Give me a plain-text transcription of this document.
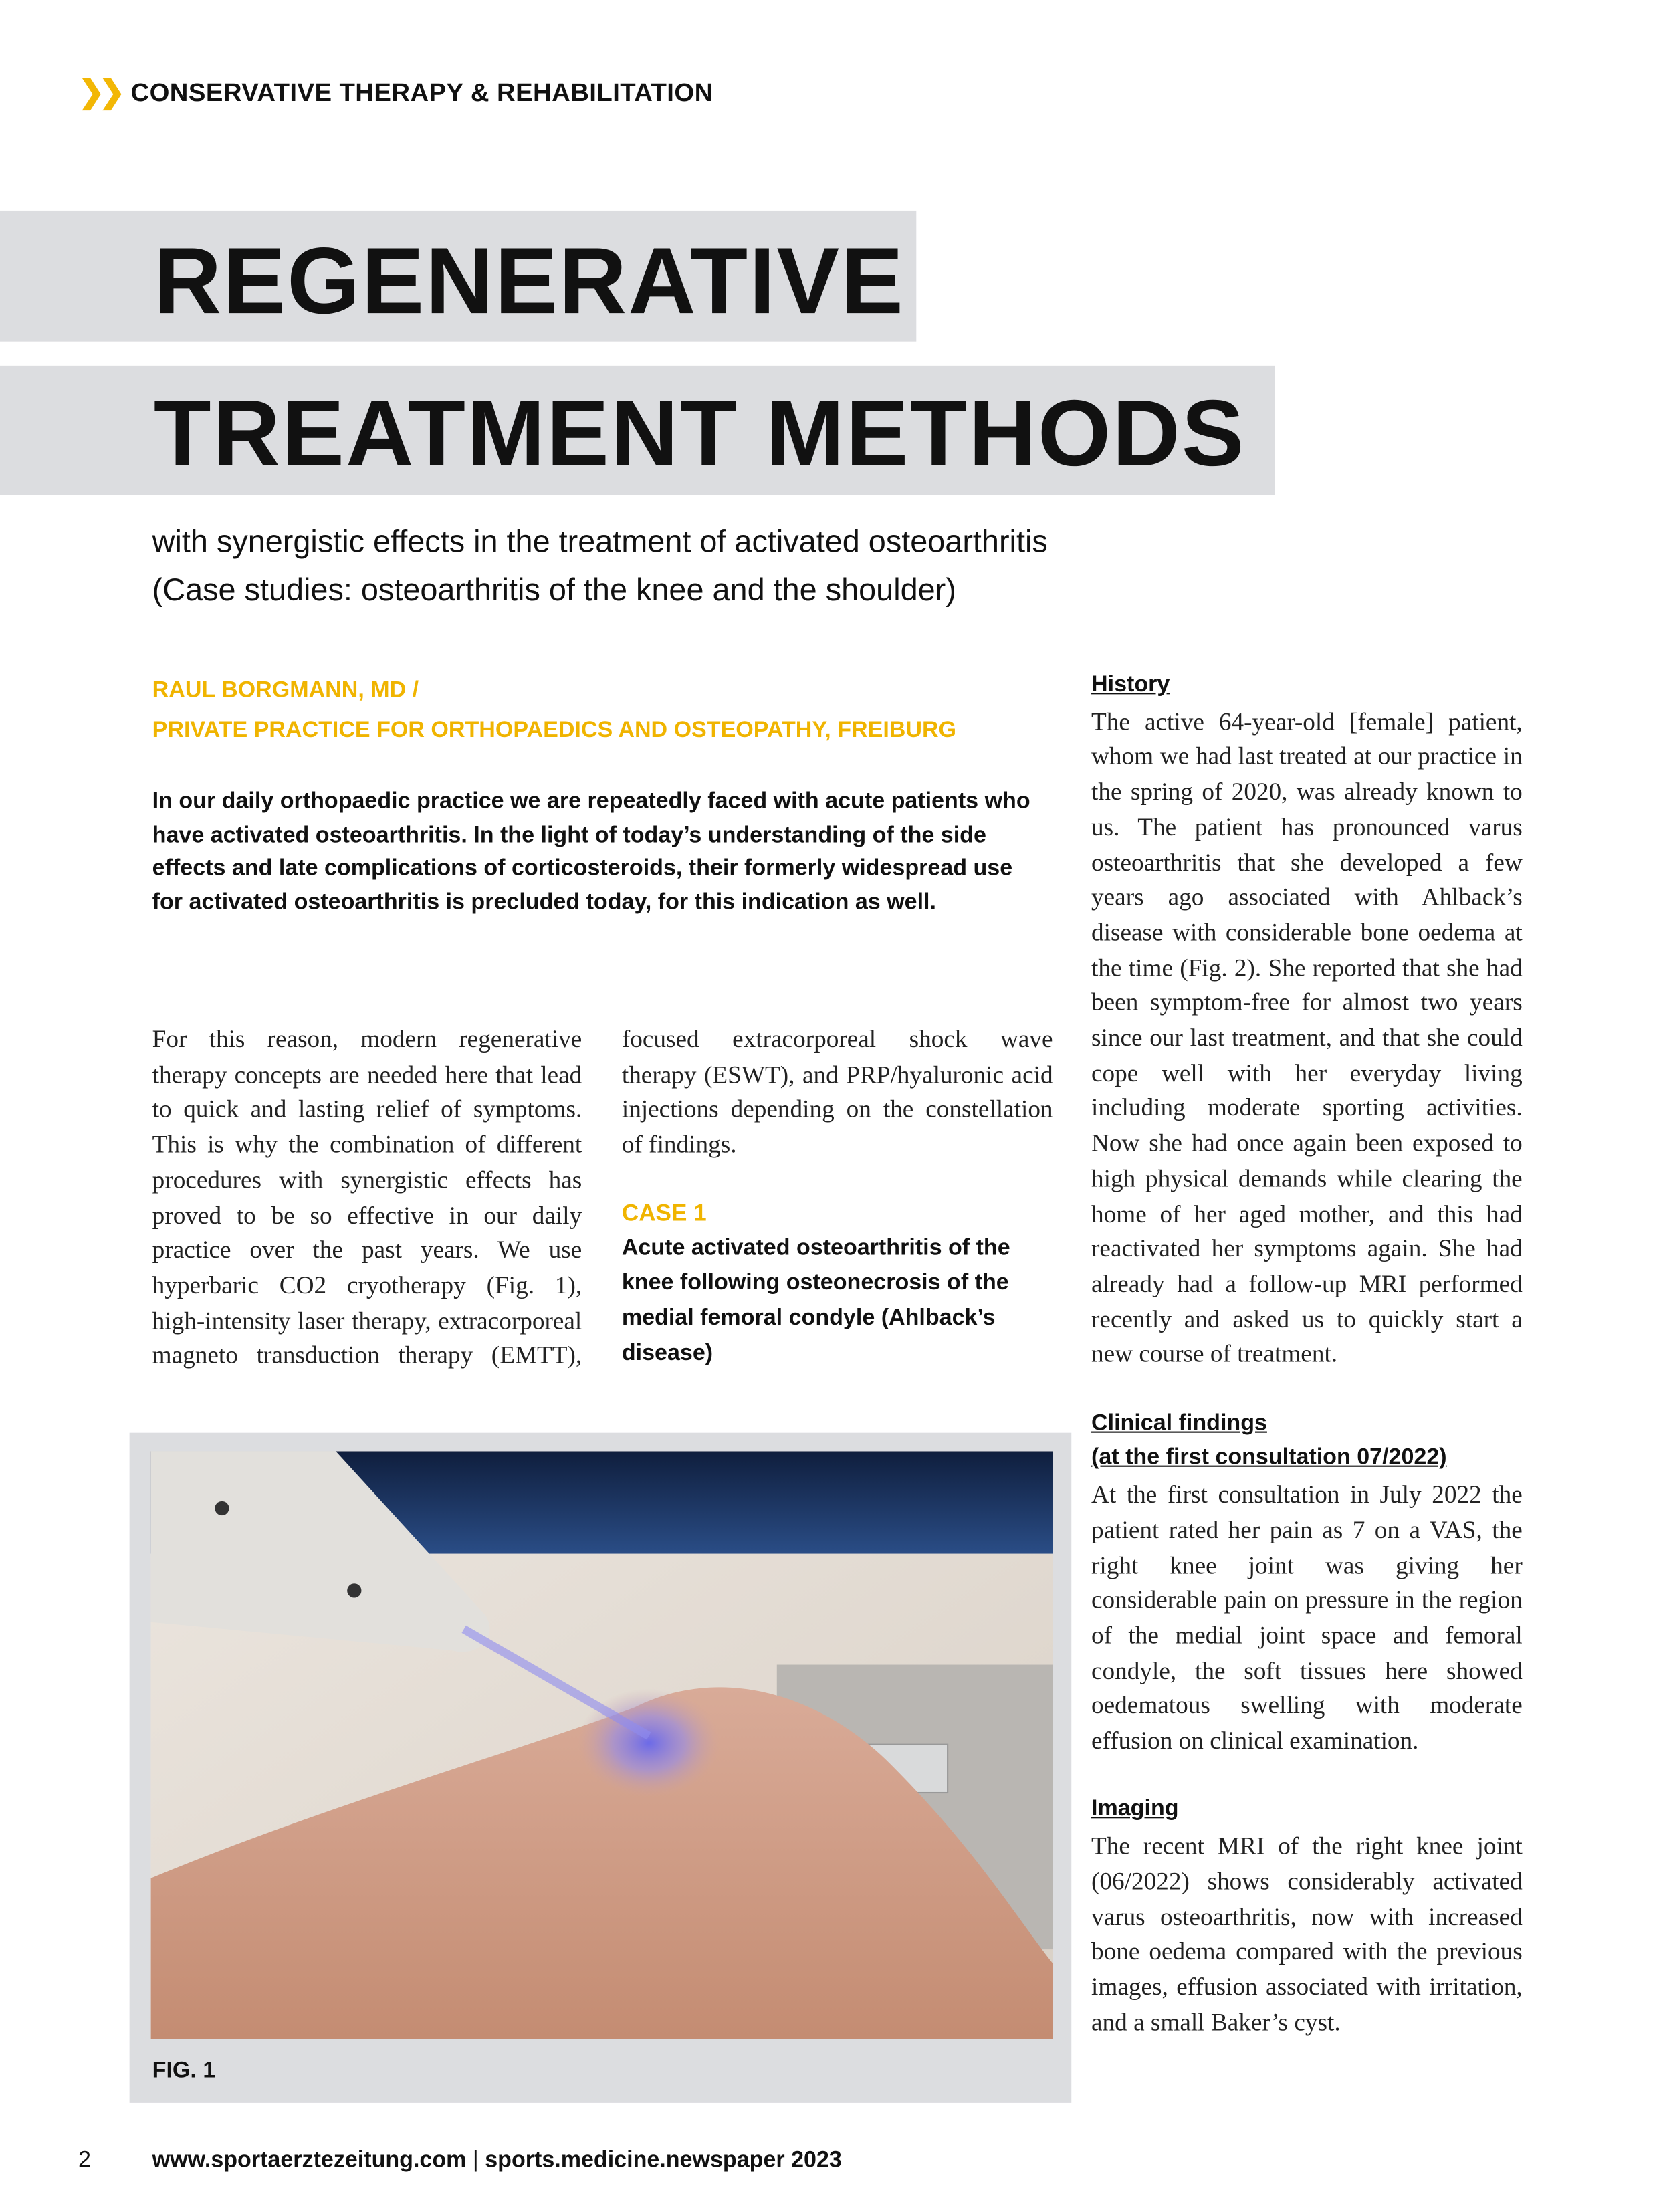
❯❯ CONSERVATIVE THERAPY & REHABILITATION
REGENERATIVE
TREATMENT METHODS
with synergistic effects in the treatment of activated osteoarthritis
(Case studies: osteoarthritis of the knee and the shoulder)
RAUL BORGMANN, MD /
PRIVATE PRACTICE FOR ORTHOPAEDICS AND OSTEOPATHY, FREIBURG
In our daily orthopaedic practice we are repeatedly faced with acute patients who have activated osteoarthritis. In the light of today’s understanding of the side effects and late complications of corticosteroids, their formerly widespread use for activated osteoarthritis is precluded today, for this indication as well.
For this reason, modern regenerative therapy concepts are needed here that lead to quick and lasting relief of symptoms. This is why the combination of different procedures with synergistic effects has proved to be so effective in our daily practice over the past years. We use hyperbaric CO2 cryotherapy (Fig. 1), high-intensity laser therapy, extracorporeal magneto transduction therapy (EMTT),
focused extracorporeal shock wave therapy (ESWT), and PRP/hyaluronic acid injections depending on the constellation of findings.
CASE 1
Acute activated osteoarthritis of the knee following osteonecrosis of the medial femoral condyle (Ahlback’s disease)
History
The active 64-year-old [female] patient, whom we had last treated at our practice in the spring of 2020, was already known to us. The patient has pronounced varus osteoarthritis that she developed a few years ago associated with Ahlback’s disease with considerable bone oedema at the time (Fig. 2). She reported that she had been symptom-free for almost two years since our last treatment, and that she could cope well with her everyday living including moderate sporting activities. Now she had once again been exposed to high physical demands while clearing the home of her aged mother, and this had reactivated her symptoms again. She had already had a follow-up MRI performed recently and asked us to quickly start a new course of treatment.
Clinical findings
(at the first consultation 07/2022)
At the first consultation in July 2022 the patient rated her pain as 7 on a VAS, the right knee joint was giving her considerable pain on pressure in the region of the medial joint space and femoral condyle, the soft tissues here showed oedematous swelling with moderate effusion on clinical examination.
Imaging
The recent MRI of the right knee joint (06/2022) shows considerably activated varus osteoarthritis, now with increased bone oedema compared with the previous images, effusion associated with irritation, and a small Baker’s cyst.
FIG. 1
2	www.sportaerztezeitung.com | sports.medicine.newspaper 2023
